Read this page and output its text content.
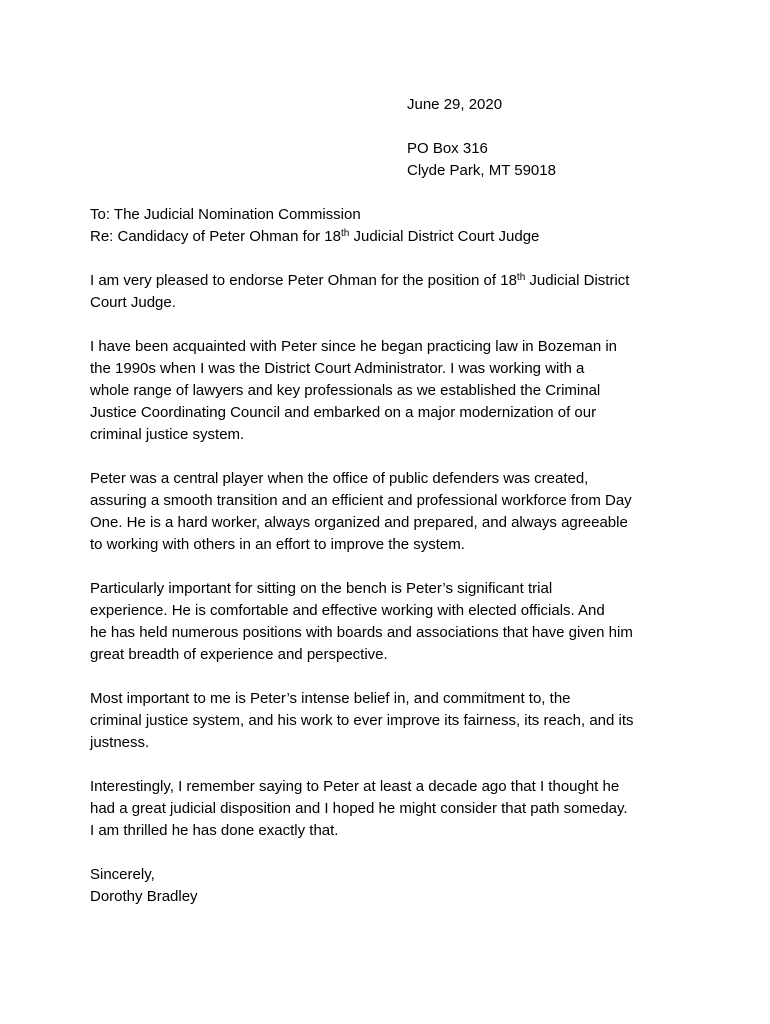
June 29, 2020
PO Box 316
Clyde Park, MT 59018
To: The Judicial Nomination Commission
Re: Candidacy of Peter Ohman for 18th Judicial District Court Judge
I am very pleased to endorse Peter Ohman for the position of 18th Judicial District
Court Judge.
I have been acquainted with Peter since he began practicing law in Bozeman in
the 1990s when I was the District Court Administrator. I was working with a
whole range of lawyers and key professionals as we established the Criminal
Justice Coordinating Council and embarked on a major modernization of our
criminal justice system.
Peter was a central player when the office of public defenders was created,
assuring a smooth transition and an efficient and professional workforce from Day
One. He is a hard worker, always organized and prepared, and always agreeable
to working with others in an effort to improve the system.
Particularly important for sitting on the bench is Peter’s significant trial
experience. He is comfortable and effective working with elected officials. And
he has held numerous positions with boards and associations that have given him
great breadth of experience and perspective.
Most important to me is Peter’s intense belief in, and commitment to, the
criminal justice system, and his work to ever improve its fairness, its reach, and its
justness.
Interestingly, I remember saying to Peter at least a decade ago that I thought he
had a great judicial disposition and I hoped he might consider that path someday.
I am thrilled he has done exactly that.
Sincerely,
Dorothy Bradley
